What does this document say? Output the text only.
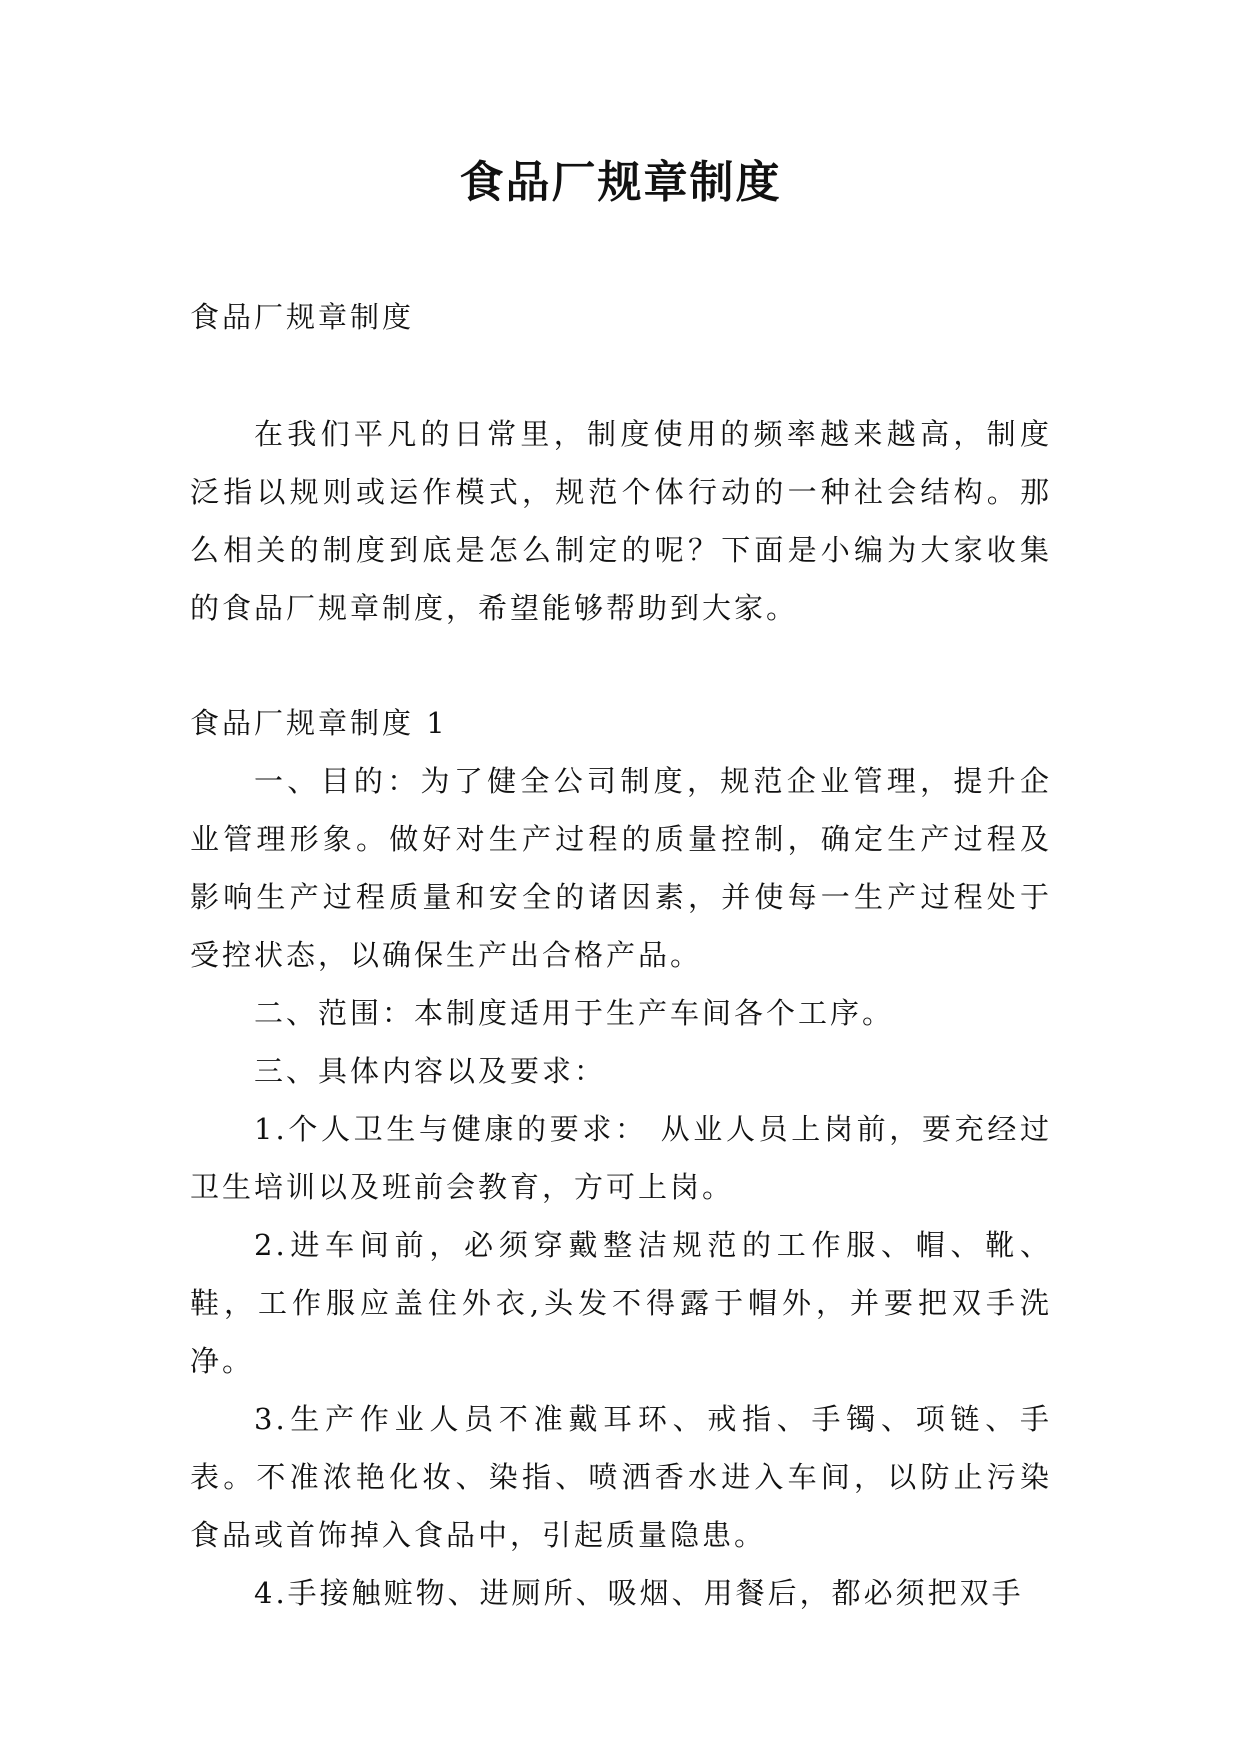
食品厂规章制度

食品厂规章制度

在我们平凡的日常里，制度使用的频率越来越高，制度泛指以规则或运作模式，规范个体行动的一种社会结构。那么相关的制度到底是怎么制定的呢？下面是小编为大家收集的食品厂规章制度，希望能够帮助到大家。

食品厂规章制度 1

一、目的：为了健全公司制度，规范企业管理，提升企业管理形象。做好对生产过程的质量控制，确定生产过程及影响生产过程质量和安全的诸因素，并使每一生产过程处于受控状态，以确保生产出合格产品。

二、范围：本制度适用于生产车间各个工序。

三、具体内容以及要求：

1.个人卫生与健康的要求： 从业人员上岗前，要充经过卫生培训以及班前会教育，方可上岗。

2.进车间前，必须穿戴整洁规范的工作服、帽、靴、鞋，工作服应盖住外衣,头发不得露于帽外，并要把双手洗净。

3.生产作业人员不准戴耳环、戒指、手镯、项链、手表。不准浓艳化妆、染指、喷洒香水进入车间，以防止污染食品或首饰掉入食品中，引起质量隐患。

4.手接触赃物、进厕所、吸烟、用餐后，都必须把双手
